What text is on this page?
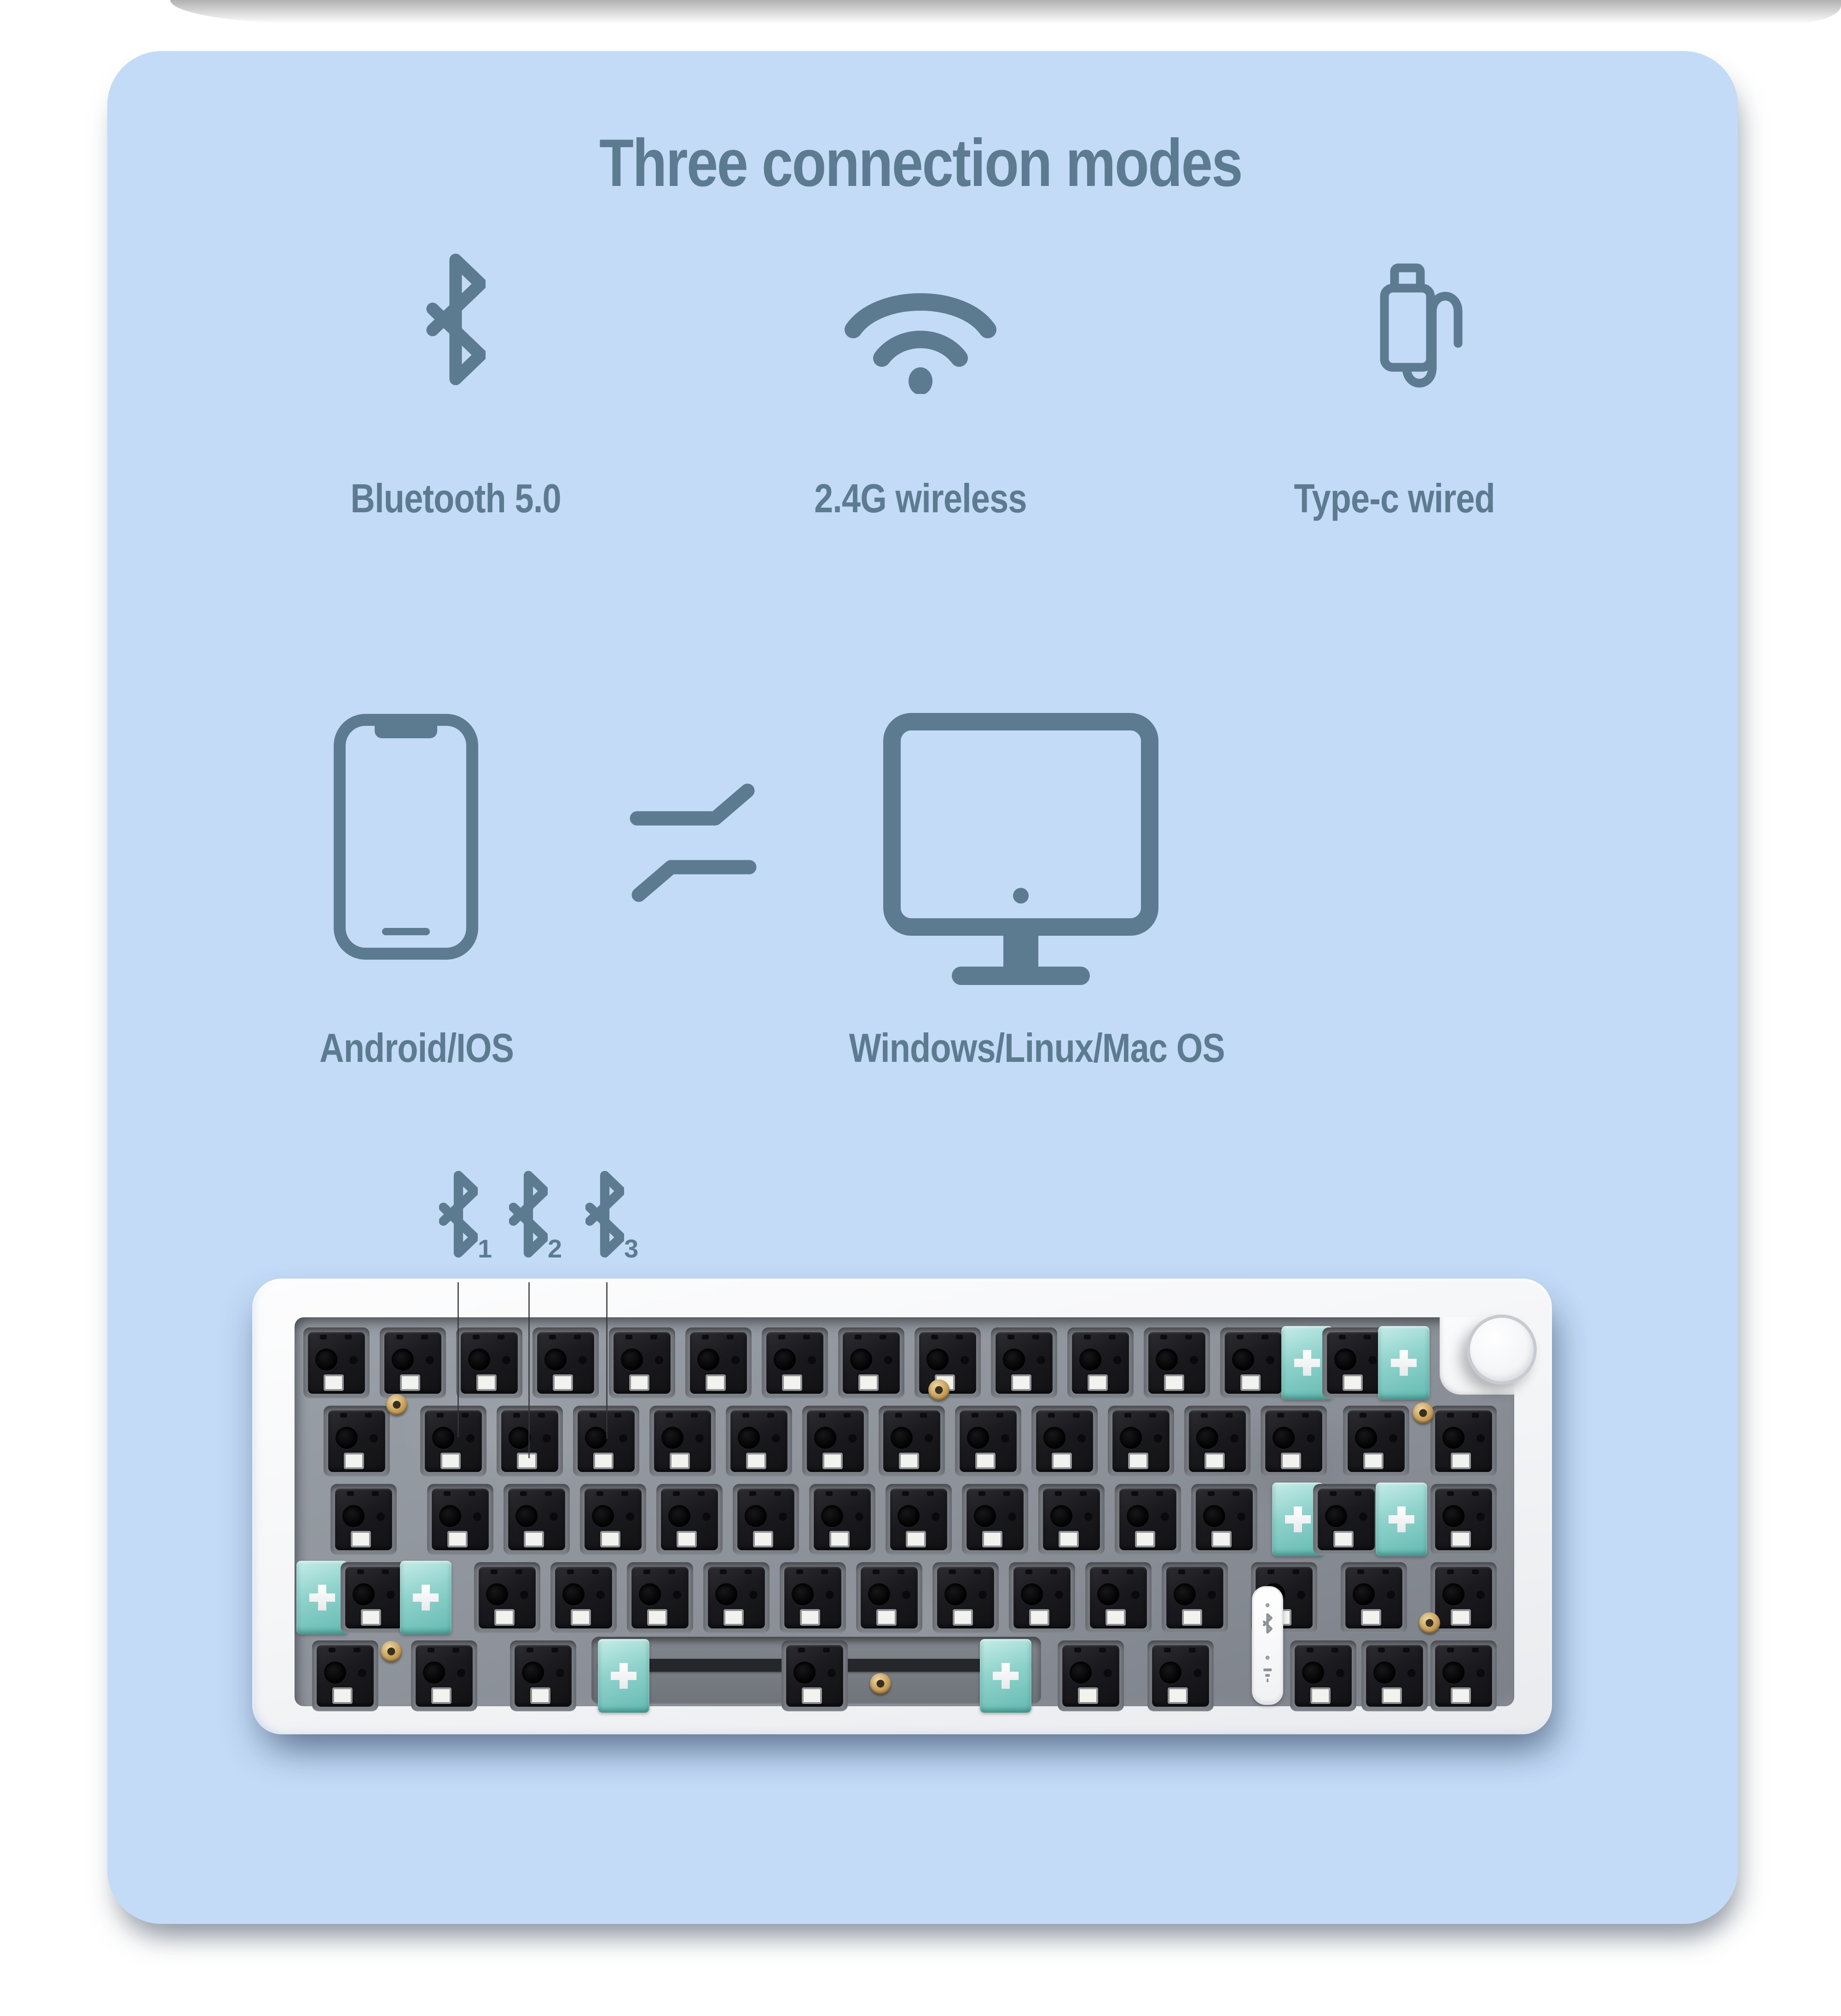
Three connection modes
Bluetooth 5.0	2.4G wireless	Type-c wired
Android/IOS	Windows/Linux/Mac OS
1 2 3
